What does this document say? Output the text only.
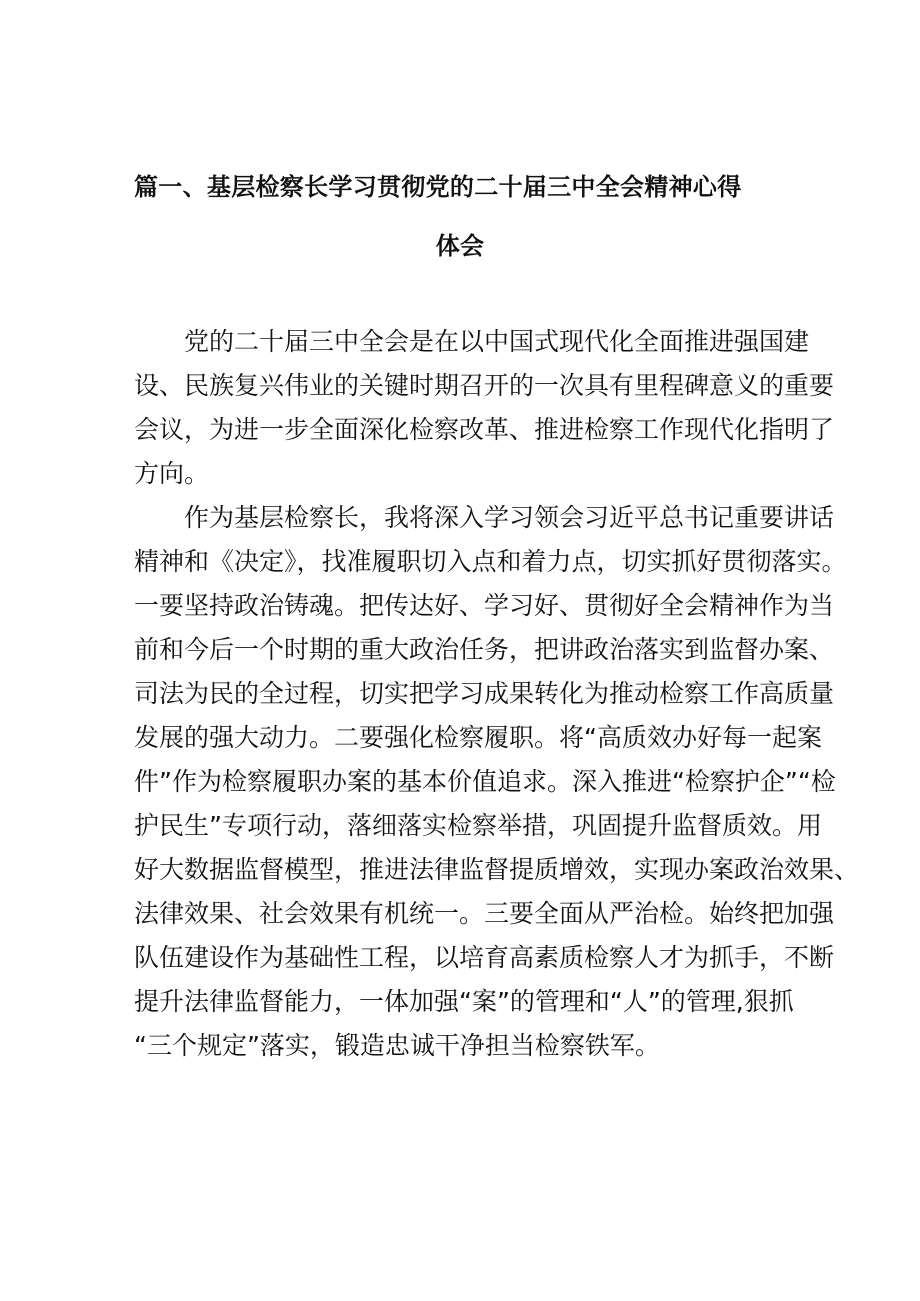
篇一、基层检察长学习贯彻党的二十届三中全会精神心得
体会

党的二十届三中全会是在以中国式现代化全面推进强国建

设、民族复兴伟业的关键时期召开的一次具有里程碑意义的重要

会议，为进一步全面深化检察改革、推进检察工作现代化指明了

方向。

作为基层检察长，我将深入学习领会习近平总书记重要讲话

精神和《决定》，找准履职切入点和着力点，切实抓好贯彻落实。

一要坚持政治铸魂。把传达好、学习好、贯彻好全会精神作为当

前和今后一个时期的重大政治任务，把讲政治落实到监督办案、

司法为民的全过程，切实把学习成果转化为推动检察工作高质量

发展的强大动力。二要强化检察履职。将“高质效办好每一起案

件”作为检察履职办案的基本价值追求。深入推进“检察护企”“检

护民生”专项行动，落细落实检察举措，巩固提升监督质效。用

好大数据监督模型，推进法律监督提质增效，实现办案政治效果、

法律效果、社会效果有机统一。三要全面从严治检。始终把加强

队伍建设作为基础性工程，以培育高素质检察人才为抓手，不断

提升法律监督能力，一体加强“案”的管理和“人”的管理,狠抓

“三个规定”落实，锻造忠诚干净担当检察铁军。
